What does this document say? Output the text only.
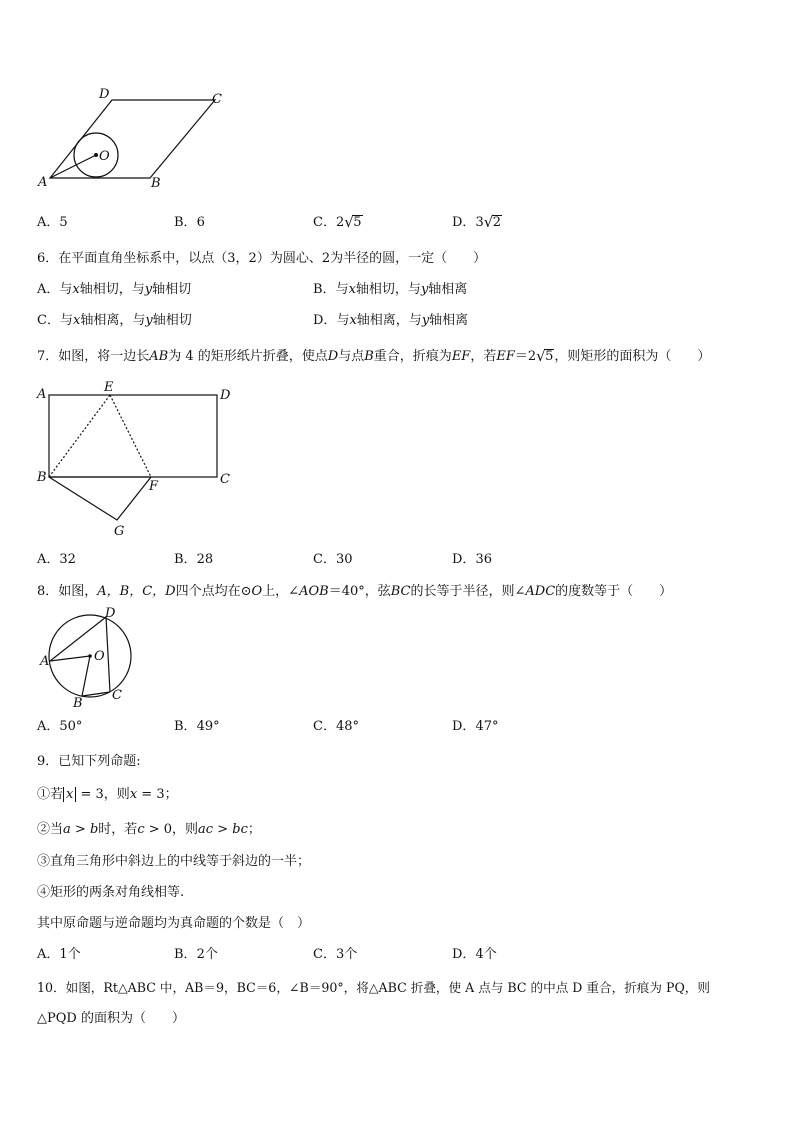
D	C
O
A	B
A．5	B．6	C．2 √ 5	D．3 √ 2
6．在平面直角坐标系中，以点（3，2）为圆心、2为半径的圆，一定（　　）
A．与x轴相切，与y轴相切	B．与x轴相切，与y轴相离
C．与x轴相离，与y轴相切	D．与x轴相离，与y轴相离
7．如图，将一边长AB为 4 的矩形纸片折叠，使点D与点B重合，折痕为EF，若EF＝2 √ 5，则矩形的面积为（　　）
A	E
D
B
F	C
G
A．32	B．28	C．30	D．36
8．如图，A，B，C，D四个点均在⊙O上，∠AOB＝40°，弦BC的长等于半径，则∠ADC的度数等于（　　）
D
O
A
B
C
A．50°	B．49°	C．48°	D．47°
9．已知下列命题:
①若 x = 3，则x = 3；
②当a > b时，若c > 0，则ac > bc；
③直角三角形中斜边上的中线等于斜边的一半；
④矩形的两条对角线相等.
其中原命题与逆命题均为真命题的个数是（　）
A．1个	B．2个	C．3个	D．4个
10．如图，Rt△ABC 中，AB＝9，BC＝6，∠B＝90°，将△ABC 折叠，使 A 点与 BC 的中点 D 重合，折痕为 PQ，则
△PQD 的面积为（　　）
